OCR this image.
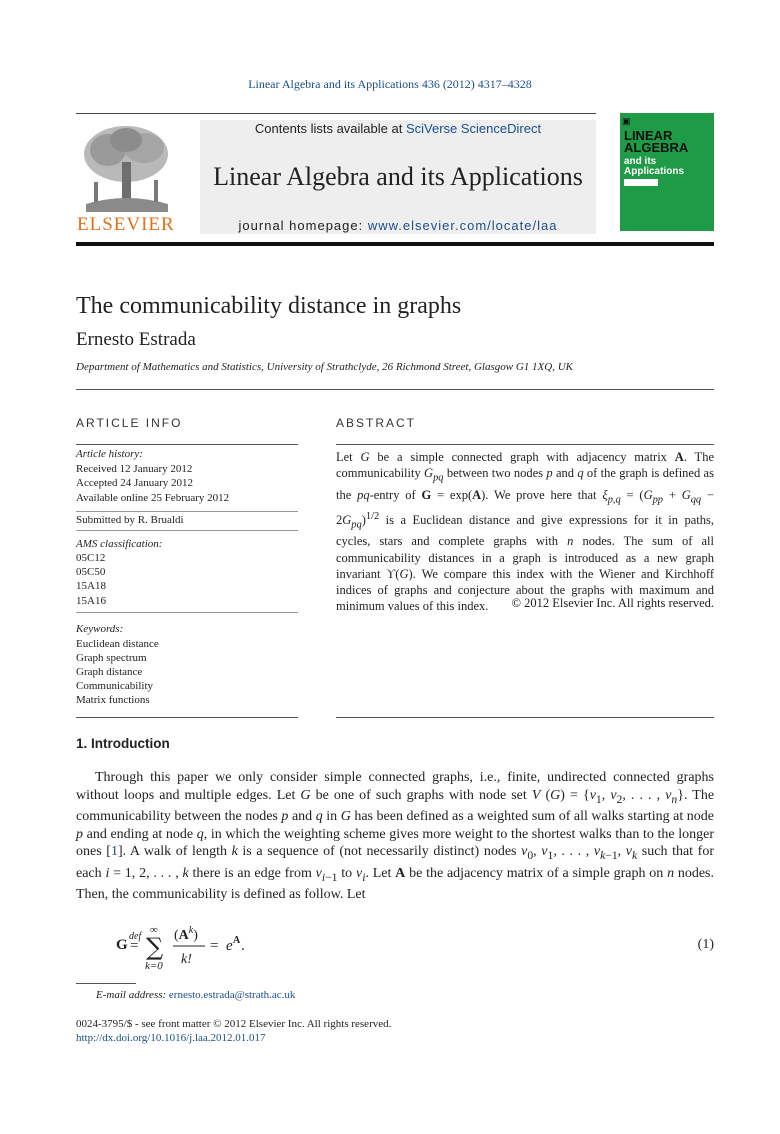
Linear Algebra and its Applications 436 (2012) 4317–4328
ELSEVIER
Contents lists available at SciVerse ScienceDirect
Linear Algebra and its Applications
journal homepage: www.elsevier.com/locate/laa
▣
LINEAR ALGEBRA
and its Applications
The communicability distance in graphs
Ernesto Estrada
Department of Mathematics and Statistics, University of Strathclyde, 26 Richmond Street, Glasgow G1 1XQ, UK
ARTICLE INFO
Article history:
Received 12 January 2012
Accepted 24 January 2012
Available online 25 February 2012
Submitted by R. Brualdi
AMS classification:
05C12
05C50
15A18
15A16
Keywords:
Euclidean distance
Graph spectrum
Graph distance
Communicability
Matrix functions
ABSTRACT
Let G be a simple connected graph with adjacency matrix A. The communicability $G_{pq}$ between two nodes p and q of the graph is defined as the pq-entry of G = exp(A). We prove here that $\xi_{p,q} = (G_{pp} + G_{qq} - 2G_{pq})^{1/2}$ is a Euclidean distance and give expressions for it in paths, cycles, stars and complete graphs with n nodes. The sum of all communicability distances in a graph is introduced as a new graph invariant ϒ(G). We compare this index with the Wiener and Kirchhoff indices of graphs and conjecture about the graphs with maximum and minimum values of this index.	© 2012 Elsevier Inc. All rights reserved.
1. Introduction

Through this paper we only consider simple connected graphs, i.e., finite, undirected connected graphs without loops and multiple edges. Let G be one of such graphs with node set V $(G) = \{v_1$, $v_2$, . . . , $v_n$}. The communicability between the nodes p and q in G has been defined as a weighted sum of all walks starting at node p and ending at node q, in which the weighting scheme gives more weight to the shortest walks than to the longer ones [1]. A walk of length k is a sequence of (not necessarily distinct) nodes $v_0$, $v_1$, . . . , $v_{k-1}$, $v_k$ such that for each i = 1, 2, . . . , k there is an edge from $v_{i-1}$ to $v_i$. Let A be the adjacency matrix of a simple graph on n nodes. Then, the communicability is defined as follow. Let

G
def
=
∞
∑
k=0
$(A^k)$
k!
= e A .	(1)
E-mail address: ernesto.estrada@strath.ac.uk
0024-3795/$ - see front matter © 2012 Elsevier Inc. All rights reserved.
http://dx.doi.org/10.1016/j.laa.2012.01.017
